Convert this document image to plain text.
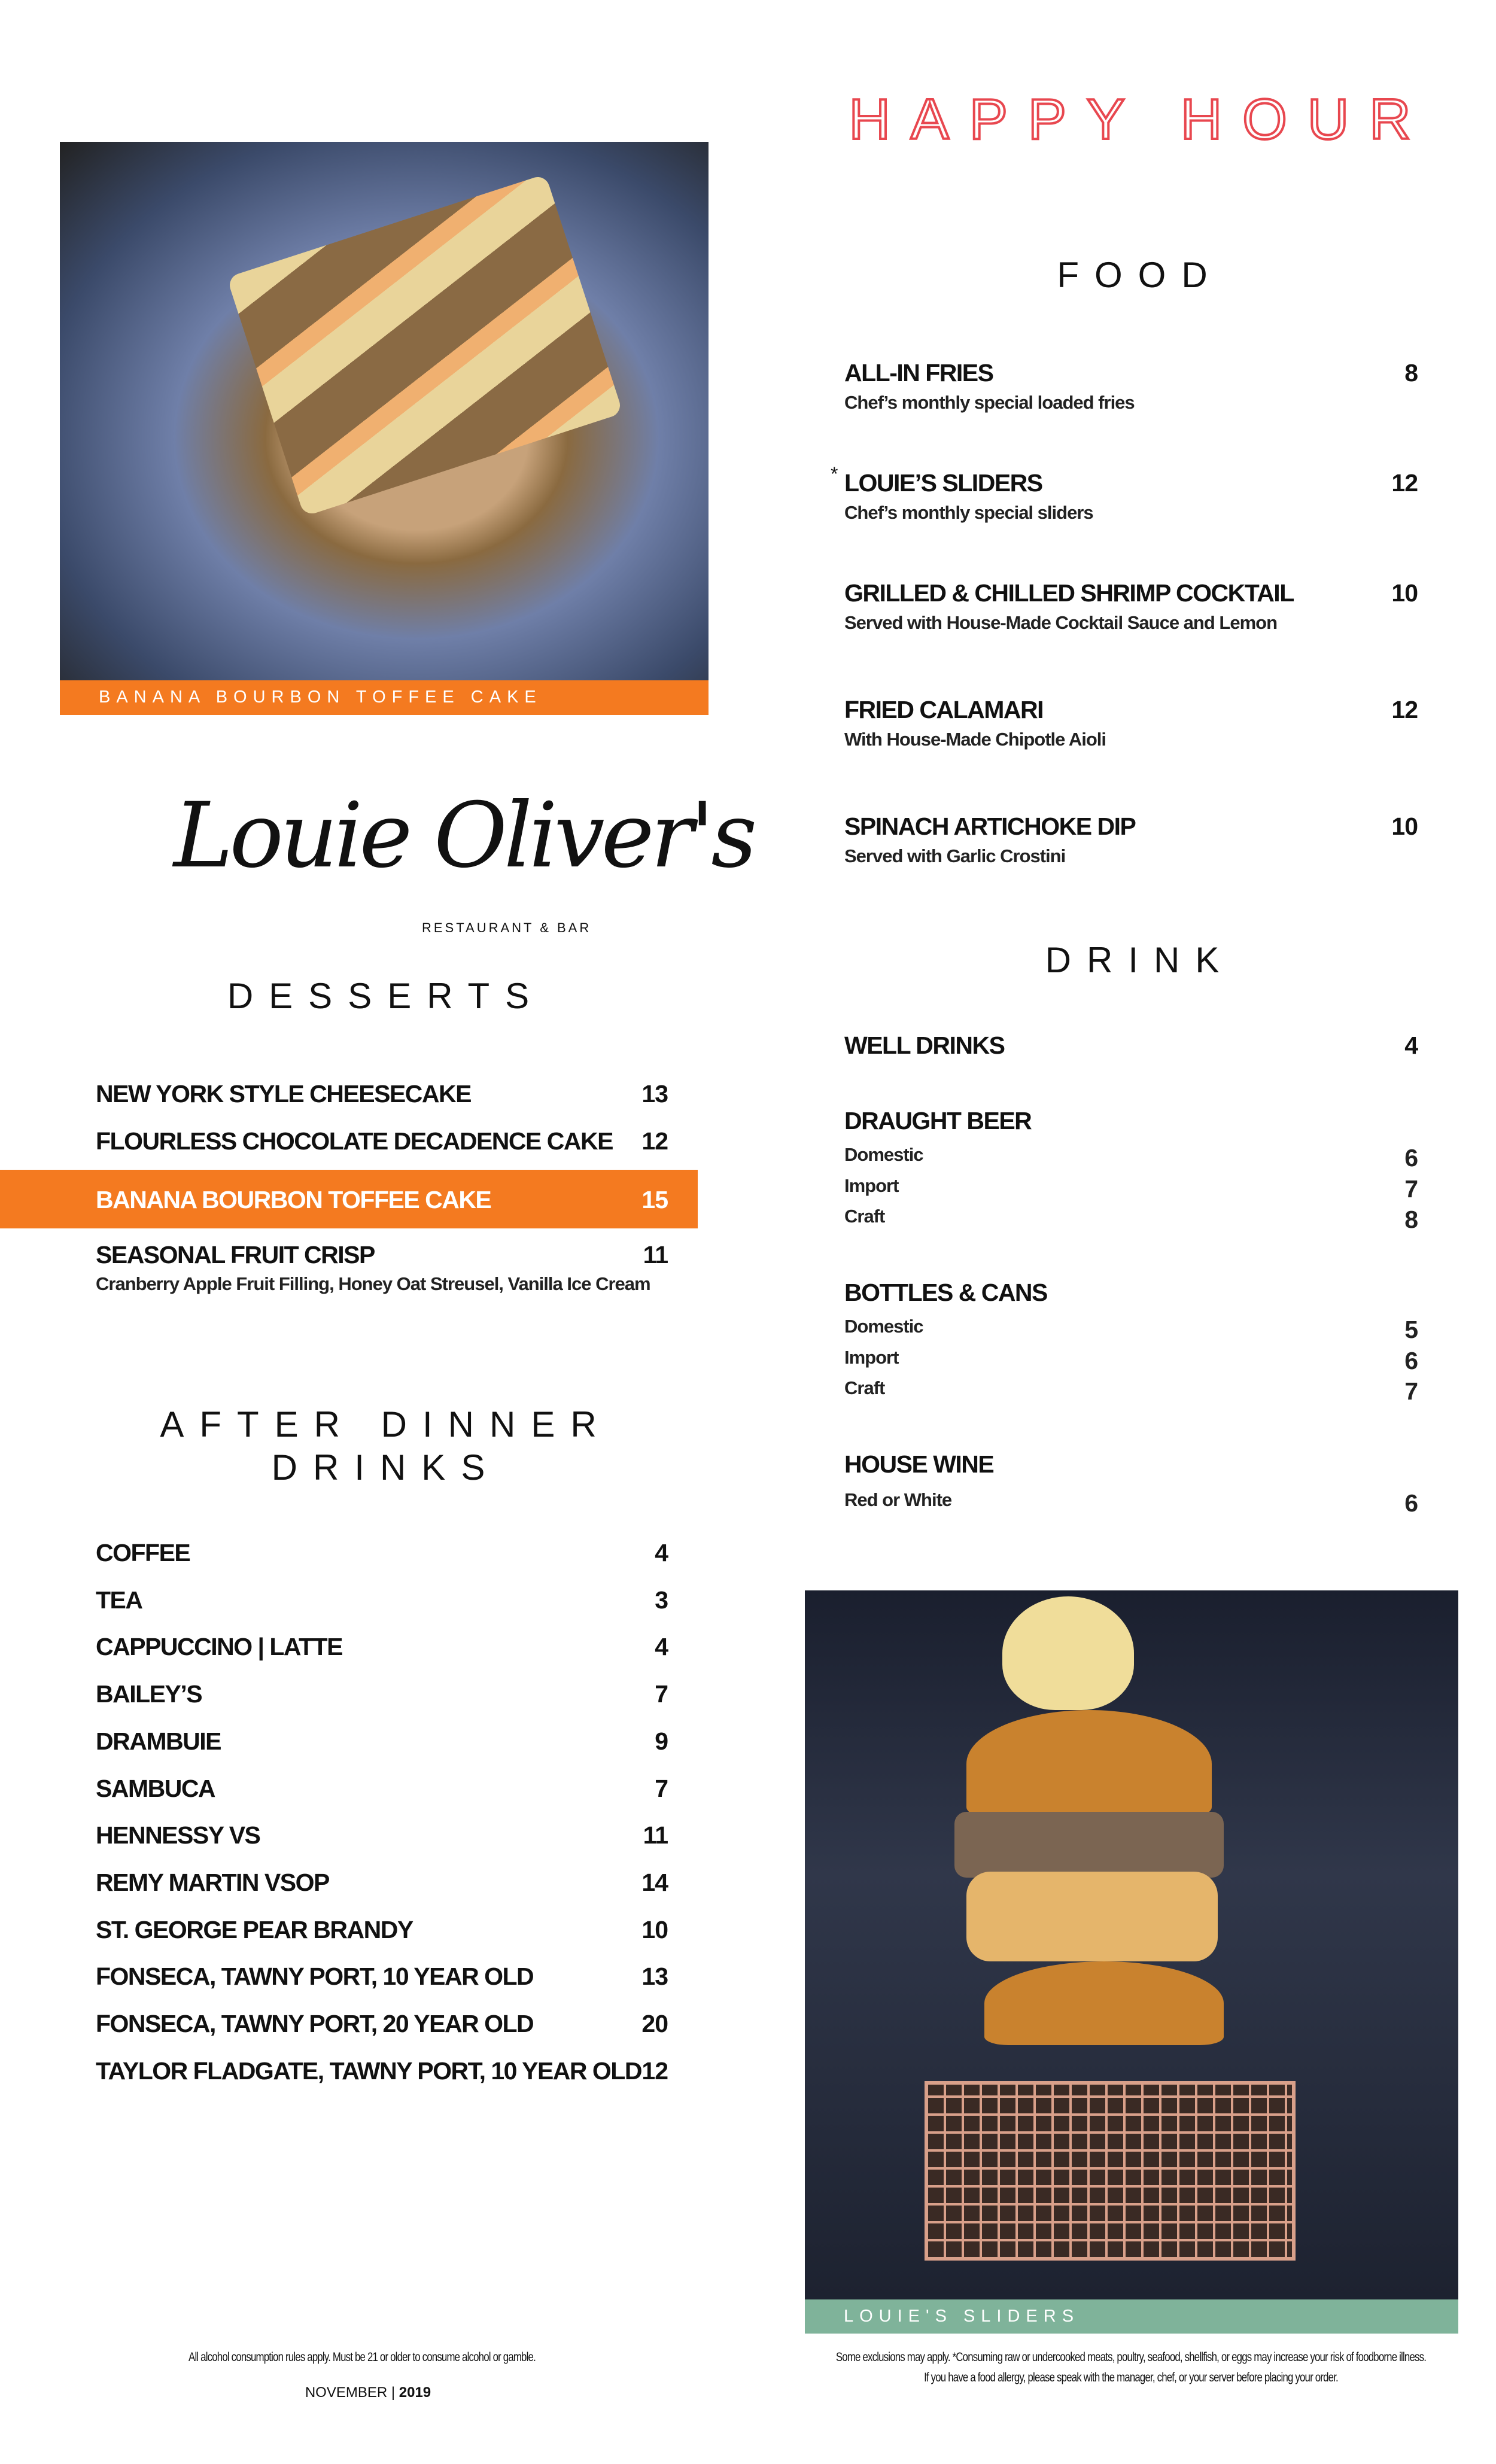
HAPPY HOUR
BANANA BOURBON TOFFEE CAKE
Louie Oliver's
RESTAURANT & BAR
DESSERTS
NEW YORK STYLE CHEESECAKE	13
FLOURLESS CHOCOLATE DECADENCE CAKE	12
BANANA BOURBON TOFFEE CAKE	15
SEASONAL FRUIT CRISP	11
Cranberry Apple Fruit Filling, Honey Oat Streusel, Vanilla Ice Cream
AFTER DINNER
DRINKS
COFFEE	4
TEA	3
CAPPUCCINO | LATTE	4
BAILEY’S	7
DRAMBUIE	9
SAMBUCA	7
HENNESSY VS	11
REMY MARTIN VSOP	14
ST. GEORGE PEAR BRANDY	10
FONSECA, TAWNY PORT, 10 YEAR OLD	13
FONSECA, TAWNY PORT, 20 YEAR OLD	20
TAYLOR FLADGATE, TAWNY PORT, 10 YEAR OLD 12
FOOD
ALL-IN FRIES	8
Chef’s monthly special loaded fries
LOUIE’S SLIDERS	12
Chef’s monthly special sliders
*
GRILLED & CHILLED SHRIMP COCKTAIL	10
Served with House-Made Cocktail Sauce and Lemon
FRIED CALAMARI	12
With House-Made Chipotle Aioli
SPINACH ARTICHOKE DIP	10
Served with Garlic Crostini
DRINK
WELL DRINKS	4
DRAUGHT BEER
Domestic	6
Import	7
Craft	8
BOTTLES & CANS
Domestic	5
Import	6
Craft	7
HOUSE WINE
Red or White	6
LOUIE'S SLIDERS
All alcohol consumption rules apply. Must be 21 or older to consume alcohol or gamble.
NOVEMBER | 2019
Some exclusions may apply. *Consuming raw or undercooked meats, poultry, seafood, shellfish, or eggs may increase your risk of foodborne illness.
If you have a food allergy, please speak with the manager, chef, or your server before placing your order.
